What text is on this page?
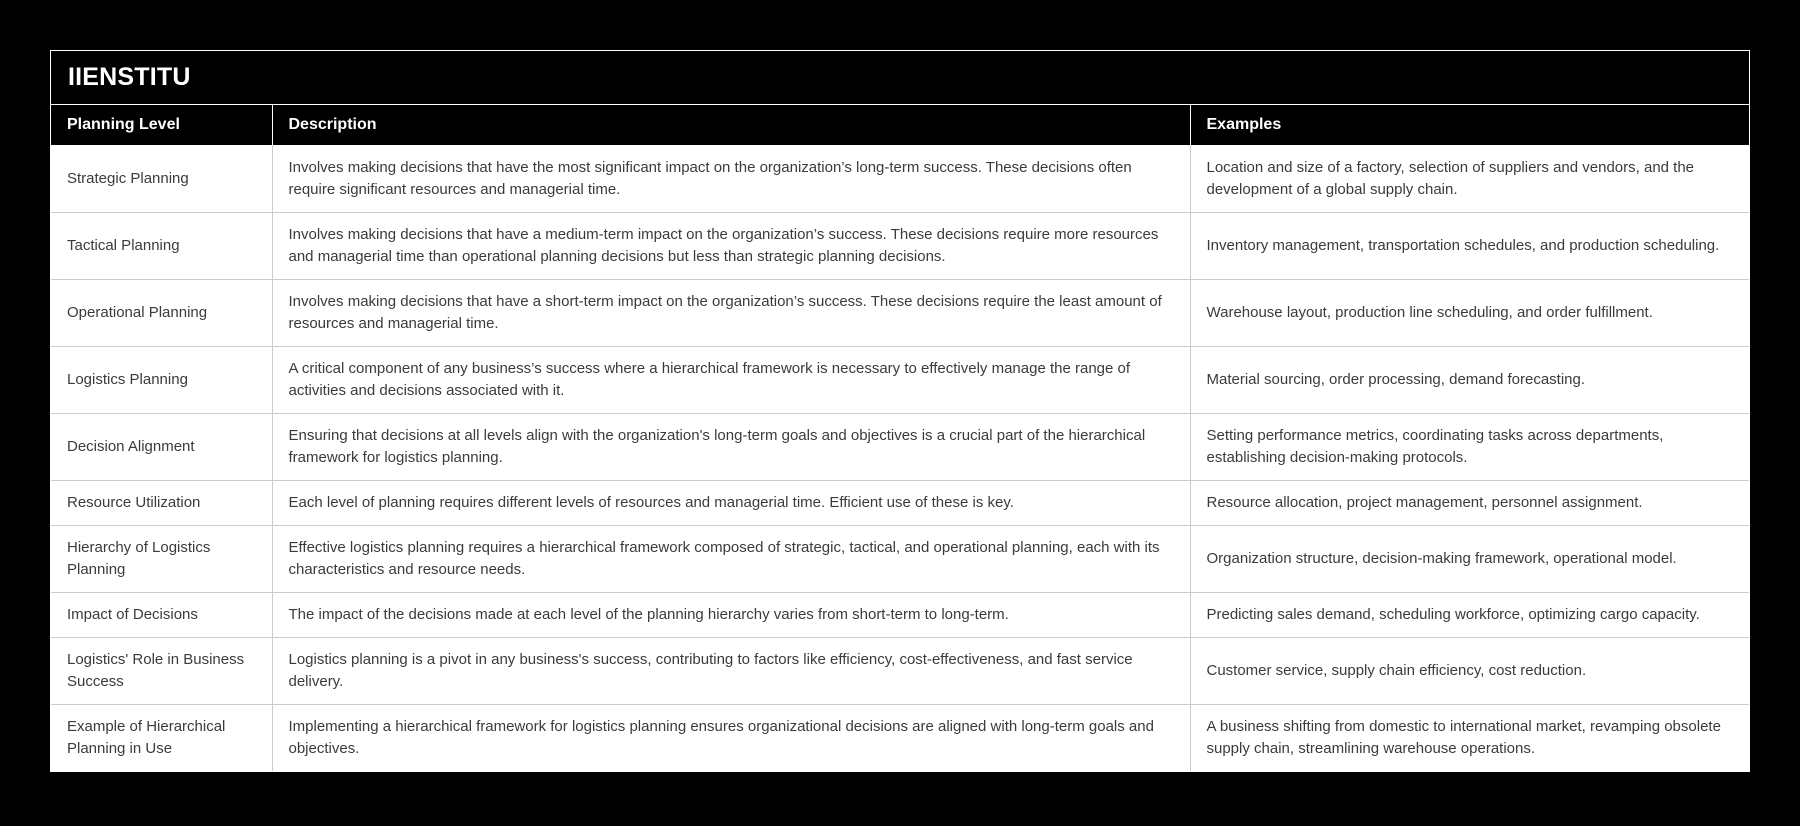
IIENSTITU
Planning Level	Description	Examples
Strategic Planning	Involves making decisions that have the most significant impact on the organization’s long-term success. These decisions often require significant resources and managerial time.	Location and size of a factory, selection of suppliers and vendors, and the development of a global supply chain.
Tactical Planning	Involves making decisions that have a medium-term impact on the organization’s success. These decisions require more resources and managerial time than operational planning decisions but less than strategic planning decisions.	Inventory management, transportation schedules, and production scheduling.
Operational Planning	Involves making decisions that have a short-term impact on the organization’s success. These decisions require the least amount of resources and managerial time.	Warehouse layout, production line scheduling, and order fulfillment.
Logistics Planning	A critical component of any business’s success where a hierarchical framework is necessary to effectively manage the range of activities and decisions associated with it.	Material sourcing, order processing, demand forecasting.
Decision Alignment	Ensuring that decisions at all levels align with the organization's long-term goals and objectives is a crucial part of the hierarchical framework for logistics planning.	Setting performance metrics, coordinating tasks across departments, establishing decision-making protocols.
Resource Utilization	Each level of planning requires different levels of resources and managerial time. Efficient use of these is key.	Resource allocation, project management, personnel assignment.
Hierarchy of Logistics Planning	Effective logistics planning requires a hierarchical framework composed of strategic, tactical, and operational planning, each with its characteristics and resource needs.	Organization structure, decision-making framework, operational model.
Impact of Decisions	The impact of the decisions made at each level of the planning hierarchy varies from short-term to long-term.	Predicting sales demand, scheduling workforce, optimizing cargo capacity.
Logistics' Role in Business Success	Logistics planning is a pivot in any business's success, contributing to factors like efficiency, cost-effectiveness, and fast service delivery.	Customer service, supply chain efficiency, cost reduction.
Example of Hierarchical Planning in Use	Implementing a hierarchical framework for logistics planning ensures organizational decisions are aligned with long-term goals and objectives.	A business shifting from domestic to international market, revamping obsolete supply chain, streamlining warehouse operations.
